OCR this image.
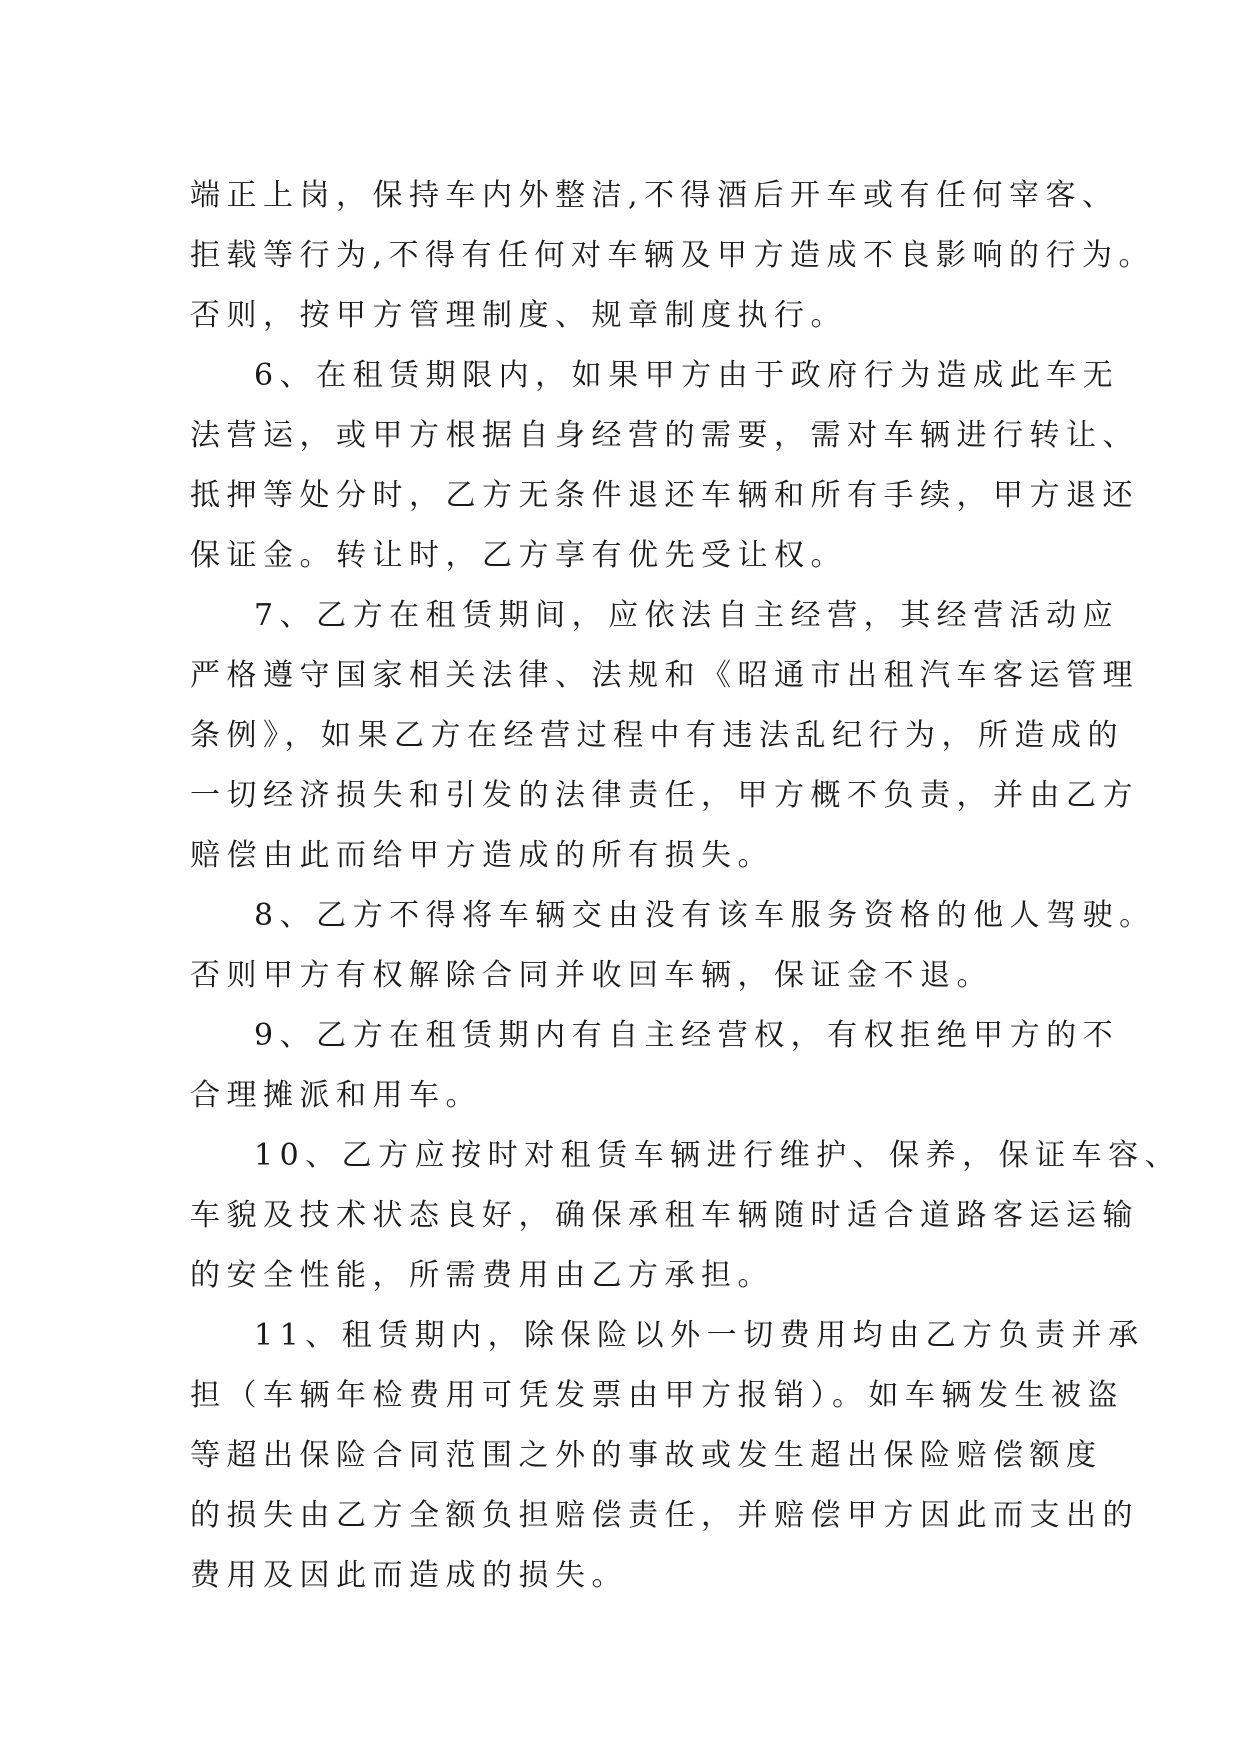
端正上岗，保持车内外整洁,不得酒后开车或有任何宰客、
拒载等行为,不得有任何对车辆及甲方造成不良影响的行为。
否则，按甲方管理制度、规章制度执行。
6、在租赁期限内，如果甲方由于政府行为造成此车无
法营运，或甲方根据自身经营的需要，需对车辆进行转让、
抵押等处分时，乙方无条件退还车辆和所有手续，甲方退还
保证金。转让时，乙方享有优先受让权。
7、乙方在租赁期间，应依法自主经营，其经营活动应
严格遵守国家相关法律、法规和《昭通市出租汽车客运管理
条例》，如果乙方在经营过程中有违法乱纪行为，所造成的
一切经济损失和引发的法律责任，甲方概不负责，并由乙方
赔偿由此而给甲方造成的所有损失。
8、乙方不得将车辆交由没有该车服务资格的他人驾驶。
否则甲方有权解除合同并收回车辆，保证金不退。
9、乙方在租赁期内有自主经营权，有权拒绝甲方的不
合理摊派和用车。
10、乙方应按时对租赁车辆进行维护、保养，保证车容、
车貌及技术状态良好，确保承租车辆随时适合道路客运运输
的安全性能，所需费用由乙方承担。
11、租赁期内，除保险以外一切费用均由乙方负责并承
担（车辆年检费用可凭发票由甲方报销）。如车辆发生被盗
等超出保险合同范围之外的事故或发生超出保险赔偿额度
的损失由乙方全额负担赔偿责任，并赔偿甲方因此而支出的
费用及因此而造成的损失。
